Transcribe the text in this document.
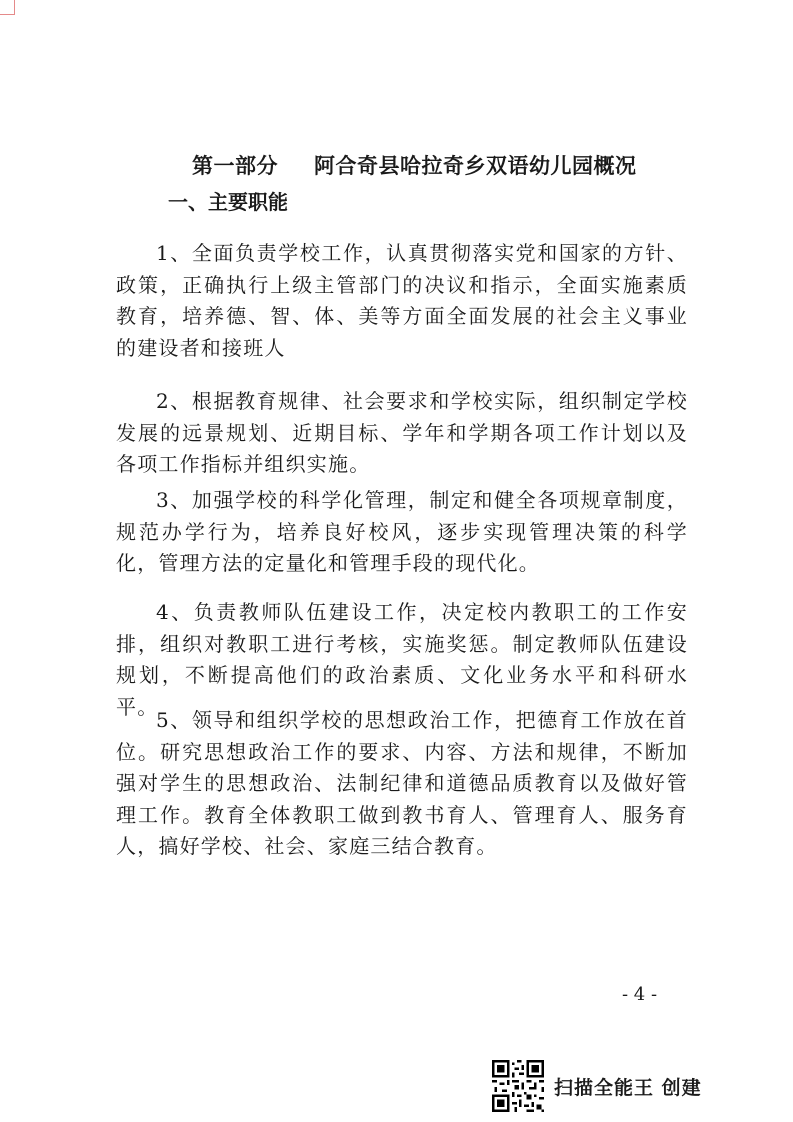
第一部分 阿合奇县哈拉奇乡双语幼儿园概况
一、主要职能
1、全面负责学校工作，认真贯彻落实党和国家的方针、政策，正确执行上级主管部门的决议和指示，全面实施素质教育，培养德、智、体、美等方面全面发展的社会主义事业的建设者和接班人
2、根据教育规律、社会要求和学校实际，组织制定学校发展的远景规划、近期目标、学年和学期各项工作计划以及各项工作指标并组织实施。
3、加强学校的科学化管理，制定和健全各项规章制度，规范办学行为，培养良好校风，逐步实现管理决策的科学化，管理方法的定量化和管理手段的现代化。
4、负责教师队伍建设工作，决定校内教职工的工作安排，组织对教职工进行考核，实施奖惩。制定教师队伍建设规划，不断提高他们的政治素质、文化业务水平和科研水平。
5、领导和组织学校的思想政治工作，把德育工作放在首位。研究思想政治工作的要求、内容、方法和规律，不断加强对学生的思想政治、法制纪律和道德品质教育以及做好管理工作。教育全体教职工做到教书育人、管理育人、服务育人，搞好学校、社会、家庭三结合教育。
- 4 -
扫描全能王 创建
